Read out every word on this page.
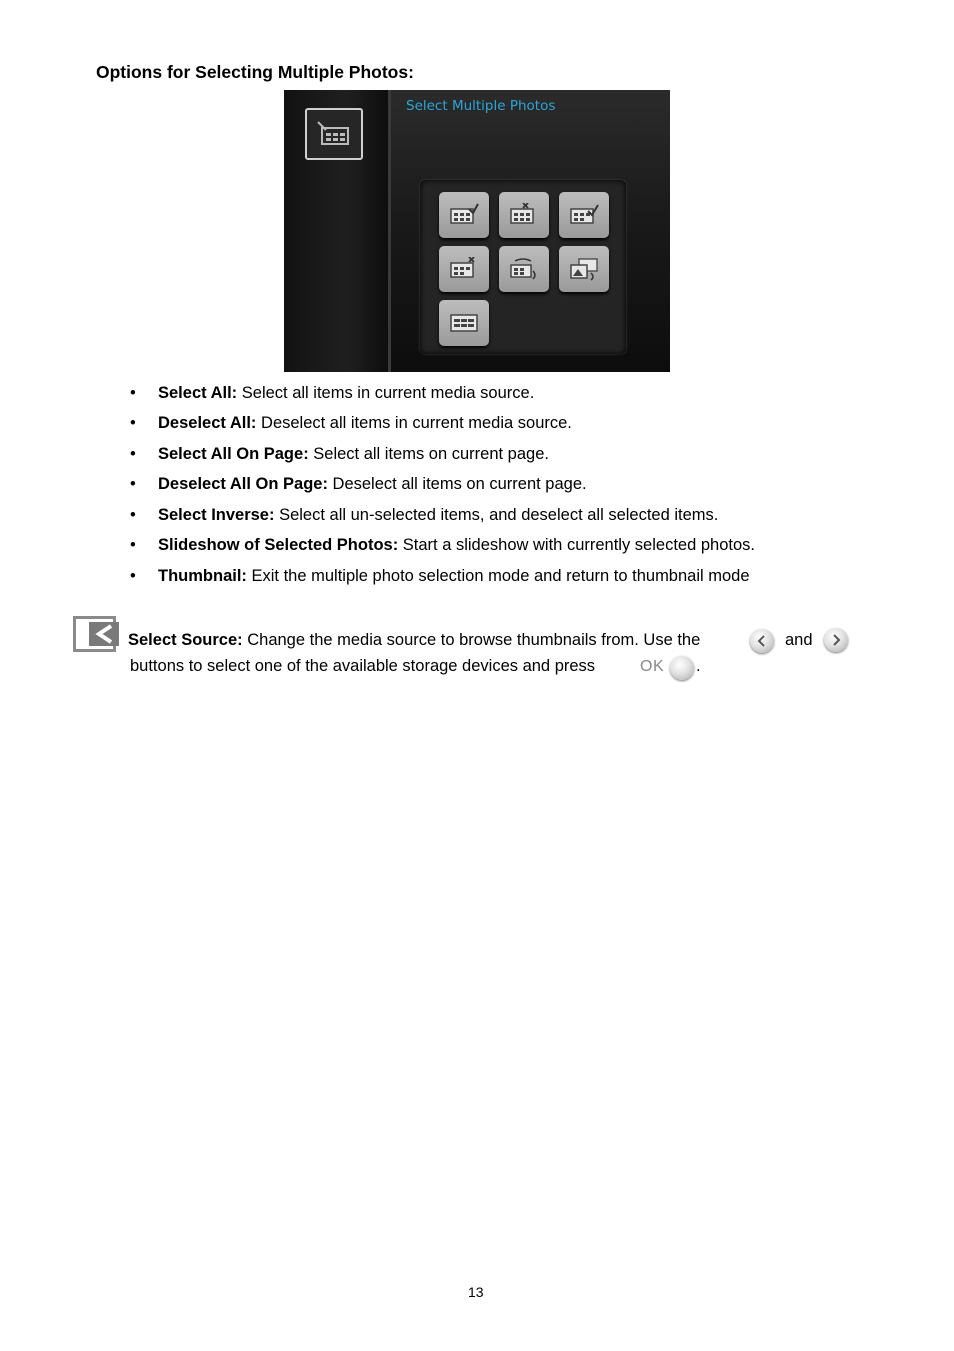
Options for Selecting Multiple Photos:
Select Multiple Photos
• Select All: Select all items in current media source.
• Deselect All: Deselect all items in current media source.
• Select All On Page: Select all items on current page.
• Deselect All On Page: Deselect all items on current page.
• Select Inverse: Select all un-selected items, and deselect all selected items.
• Slideshow of Selected Photos: Start a slideshow with currently selected photos.
• Thumbnail: Exit the multiple photo selection mode and return to thumbnail mode
Select Source: Change the media source to browse thumbnails from. Use the	and
buttons to select one of the available storage devices and press	OK .
13
